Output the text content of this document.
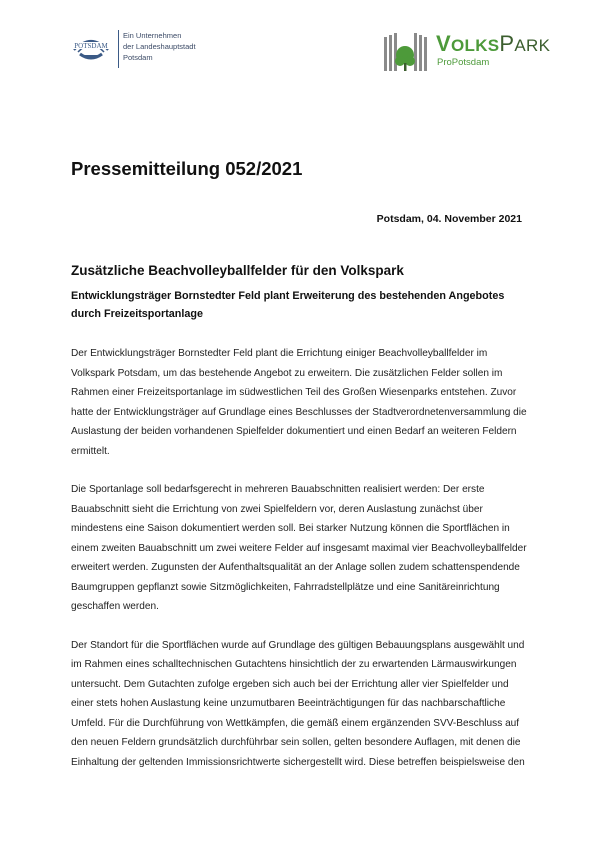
POTSDAM
Ein Unternehmen
der Landeshauptstadt
Potsdam
VOLKSPARK
ProPotsdam
Pressemitteilung 052/2021
Potsdam, 04. November 2021
Zusätzliche Beachvolleyballfelder für den Volkspark

Entwicklungsträger Bornstedter Feld plant Erweiterung des bestehenden Angebotes durch Freizeitsportanlage

Der Entwicklungsträger Bornstedter Feld plant die Errichtung einiger Beachvolleyballfelder im Volkspark Potsdam, um das bestehende Angebot zu erweitern. Die zusätzlichen Felder sollen im Rahmen einer Freizeitsportanlage im südwestlichen Teil des Großen Wiesenparks entstehen. Zuvor hatte der Entwicklungsträger auf Grundlage eines Beschlusses der Stadtverordnetenversammlung die Auslastung der beiden vorhandenen Spielfelder dokumentiert und einen Bedarf an weiteren Feldern ermittelt.

Die Sportanlage soll bedarfsgerecht in mehreren Bauabschnitten realisiert werden: Der erste Bauabschnitt sieht die Errichtung von zwei Spielfeldern vor, deren Auslastung zunächst über mindestens eine Saison dokumentiert werden soll. Bei starker Nutzung können die Sportflächen in einem zweiten Bauabschnitt um zwei weitere Felder auf insgesamt maximal vier Beachvolleyballfelder erweitert werden. Zugunsten der Aufenthaltsqualität an der Anlage sollen zudem schattenspendende Baumgruppen gepflanzt sowie Sitzmöglichkeiten, Fahrradstellplätze und eine Sanitäreinrichtung geschaffen werden.

Der Standort für die Sportflächen wurde auf Grundlage des gültigen Bebauungsplans ausgewählt und im Rahmen eines schalltechnischen Gutachtens hinsichtlich der zu erwartenden Lärmauswirkungen untersucht. Dem Gutachten zufolge ergeben sich auch bei der Errichtung aller vier Spielfelder und einer stets hohen Auslastung keine unzumutbaren Beeinträchtigungen für das nachbarschaftliche Umfeld. Für die Durchführung von Wettkämpfen, die gemäß einem ergänzenden SVV-Beschluss auf den neuen Feldern grundsätzlich durchführbar sein sollen, gelten besondere Auflagen, mit denen die Einhaltung der geltenden Immissionsrichtwerte sichergestellt wird. Diese betreffen beispielsweise den
